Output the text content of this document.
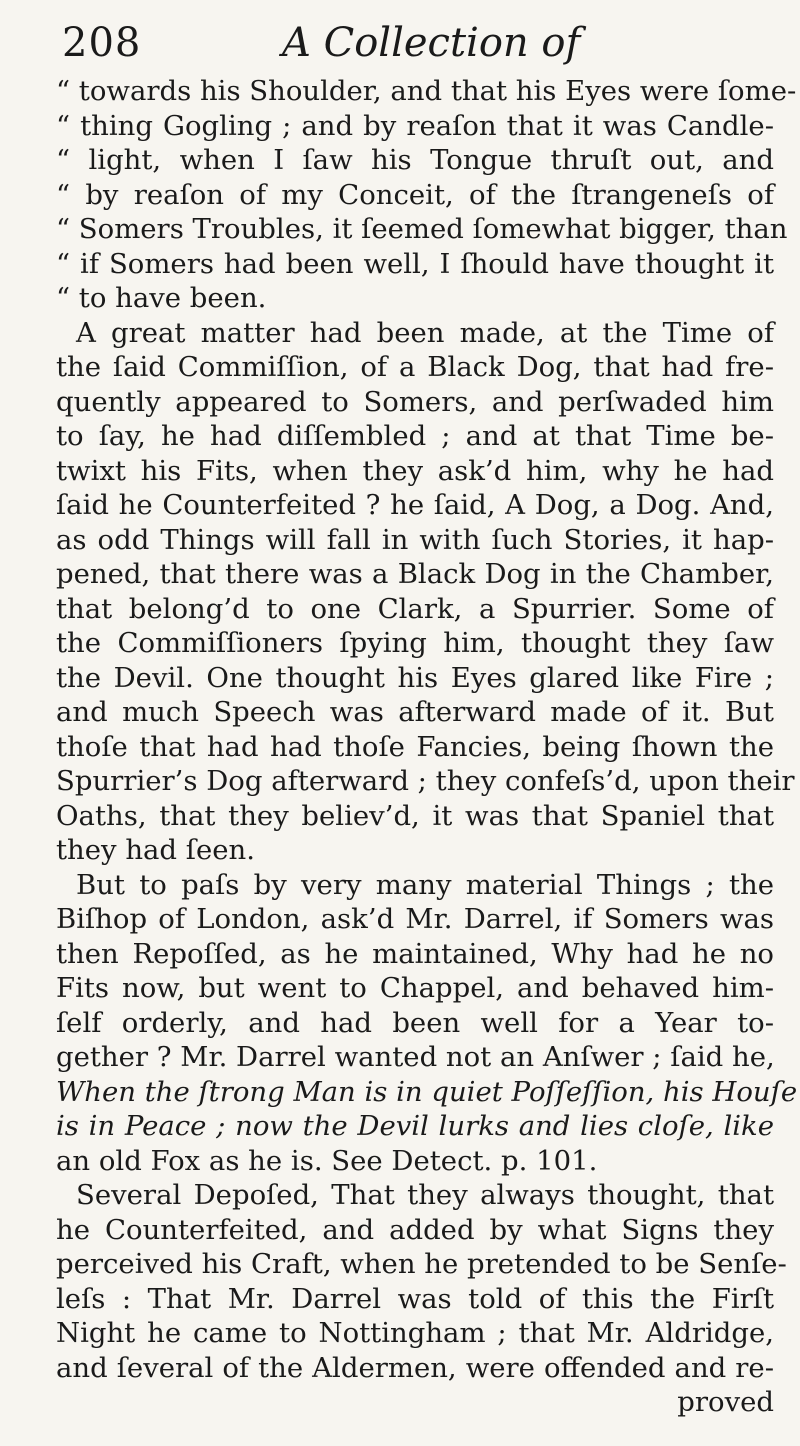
208	A Collection of
“ towards his Shoulder, and that his Eyes were ſome-
“ thing Gogling ; and by reaſon that it was Candle-
“ light, when I ſaw his Tongue thruſt out, and
“ by reaſon of my Conceit, of the ſtrangeneſs of
“ Somers Troubles, it ſeemed ſomewhat bigger, than
“ if Somers had been well, I ſhould have thought it
“ to have been.
A great matter had been made, at the Time of
the ſaid Commiſſion, of a Black Dog, that had fre-
quently appeared to Somers, and perſwaded him
to ſay, he had diſſembled ; and at that Time be-
twixt his Fits, when they ask’d him, why he had
ſaid he Counterfeited ? he ſaid, A Dog, a Dog. And,
as odd Things will fall in with ſuch Stories, it hap-
pened, that there was a Black Dog in the Chamber,
that belong’d to one Clark, a Spurrier. Some of
the Commiſſioners ſpying him, thought they ſaw
the Devil. One thought his Eyes glared like Fire ;
and much Speech was afterward made of it. But
thoſe that had had thoſe Fancies, being ſhown the
Spurrier’s Dog afterward ; they confeſs’d, upon their
Oaths, that they believ’d, it was that Spaniel that
they had ſeen.
But to paſs by very many material Things ; the
Biſhop of London, ask’d Mr. Darrel, if Somers was
then Repoſſed, as he maintained, Why had he no
Fits now, but went to Chappel, and behaved him-
ſelf orderly, and had been well for a Year to-
gether ? Mr. Darrel wanted not an Anſwer ; ſaid he,
When the ſtrong Man is in quiet Poſſeſſion, his Houſe
is in Peace ; now the Devil lurks and lies cloſe, like
an old Fox as he is. See Detect. p. 101.
Several Depoſed, That they always thought, that
he Counterfeited, and added by what Signs they
perceived his Craft, when he pretended to be Senſe-
leſs : That Mr. Darrel was told of this the Firſt
Night he came to Nottingham ; that Mr. Aldridge,
and ſeveral of the Aldermen, were offended and re-
proved
